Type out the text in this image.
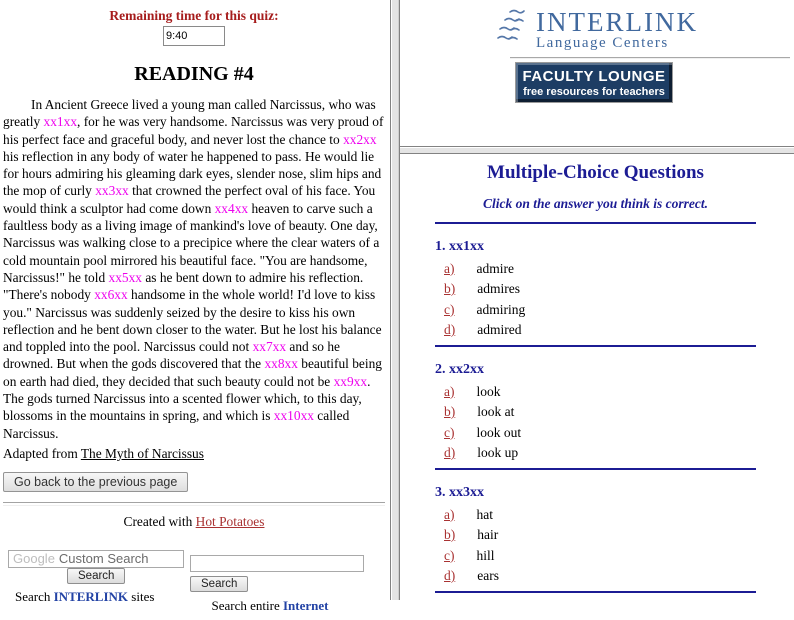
Remaining time for this quiz:
9:40
READING #4

In Ancient Greece lived a young man called Narcissus, who was greatly xx1xx, for he was very handsome. Narcissus was very proud of his perfect face and graceful body, and never lost the chance to xx2xx his reflection in any body of water he happened to pass. He would lie for hours admiring his gleaming dark eyes, slender nose, slim hips and the mop of curly xx3xx that crowned the perfect oval of his face. You would think a sculptor had come down xx4xx heaven to carve such a faultless body as a living image of mankind's love of beauty. One day, Narcissus was walking close to a precipice where the clear waters of a cold mountain pool mirrored his beautiful face. "You are handsome, Narcissus!" he told xx5xx as he bent down to admire his reflection. "There's nobody xx6xx handsome in the whole world! I'd love to kiss you." Narcissus was suddenly seized by the desire to kiss his own reflection and he bent down closer to the water. But he lost his balance and toppled into the pool. Narcissus could not xx7xx and so he drowned. But when the gods discovered that the xx8xx beautiful being on earth had died, they decided that such beauty could not be xx9xx. The gods turned Narcissus into a scented flower which, to this day, blossoms in the mountains in spring, and which is xx10xx called Narcissus.

Adapted from The Myth of Narcissus

Go back to the previous page
Created with Hot Potatoes
Google Custom Search
Search
Search INTERLINK sites
Search
Search entire Internet
INTERLINK
Language Centers
FACULTY LOUNGE
free resources for teachers
Multiple-Choice Questions
Click on the answer you think is correct.
1. xx1xx
a) admire
b) admires
c) admiring
d) admired
2. xx2xx
a) look
b) look at
c) look out
d) look up
3. xx3xx
a) hat
b) hair
c) hill
d) ears
